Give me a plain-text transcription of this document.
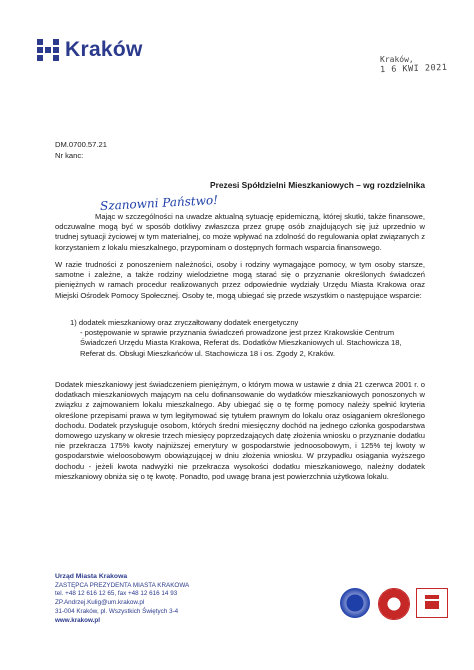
Kraków	Kraków, 1 6 KWI 2021
DM.0700.57.21
Nr kanc:
Prezesi Spółdzielni Mieszkaniowych – wg rozdzielnika
Szanowni Państwo!

Mając w szczególności na uwadze aktualną sytuację epidemiczną, której skutki, także finansowe, odczuwalne mogą być w sposób dotkliwy zwłaszcza przez grupę osób znajdujących się już uprzednio w trudnej sytuacji życiowej w tym materialnej, co może wpływać na zdolność do regulowania opłat związanych z korzystaniem z lokalu mieszkalnego, przypominam o dostępnych formach wsparcia finansowego.

W razie trudności z ponoszeniem należności, osoby i rodziny wymagające pomocy, w tym osoby starsze, samotne i zależne, a także rodziny wielodzietne mogą starać się o przyznanie określonych świadczeń pieniężnych w ramach procedur realizowanych przez odpowiednie wydziały Urzędu Miasta Krakowa oraz Miejski Ośrodek Pomocy Społecznej. Osoby te, mogą ubiegać się przede wszystkim o następujące wsparcie:

1) dodatek mieszkaniowy oraz zryczałtowany dodatek energetyczny
- postępowanie w sprawie przyznania świadczeń prowadzone jest przez Krakowskie Centrum Świadczeń Urzędu Miasta Krakowa, Referat ds. Dodatków Mieszkaniowych ul. Stachowicza 18, Referat ds. Obsługi Mieszkańców ul. Stachowicza 18 i os. Zgody 2, Kraków.

Dodatek mieszkaniowy jest świadczeniem pieniężnym, o którym mowa w ustawie z dnia 21 czerwca 2001 r. o dodatkach mieszkaniowych mającym na celu dofinansowanie do wydatków mieszkaniowych ponoszonych w związku z zajmowaniem lokalu mieszkalnego. Aby ubiegać się o tę formę pomocy należy spełnić kryteria określone przepisami prawa w tym legitymować się tytułem prawnym do lokalu oraz osiąganiem określonego dochodu. Dodatek przysługuje osobom, których średni miesięczny dochód na jednego członka gospodarstwa domowego uzyskany w okresie trzech miesięcy poprzedzających datę złożenia wniosku o przyznanie dodatku nie przekracza 175% kwoty najniższej emerytury w gospodarstwie jednoosobowym, i 125% tej kwoty w gospodarstwie wieloosobowym obowiązującej w dniu złożenia wniosku. W przypadku osiągania wyższego dochodu - jeżeli kwota nadwyżki nie przekracza wysokości dodatku mieszkaniowego, należny dodatek mieszkaniowy obniża się o tę kwotę. Ponadto, pod uwagę brana jest powierzchnia użytkowa lokalu.

Urząd Miasta Krakowa
ZASTĘPCA PREZYDENTA MIASTA KRAKOWA
tel. +48 12 616 12 65, fax +48 12 616 14 93
ZP.Andrzej.Kulig@um.krakow.pl
31-004 Kraków, pl. Wszystkich Świętych 3-4
www.krakow.pl
